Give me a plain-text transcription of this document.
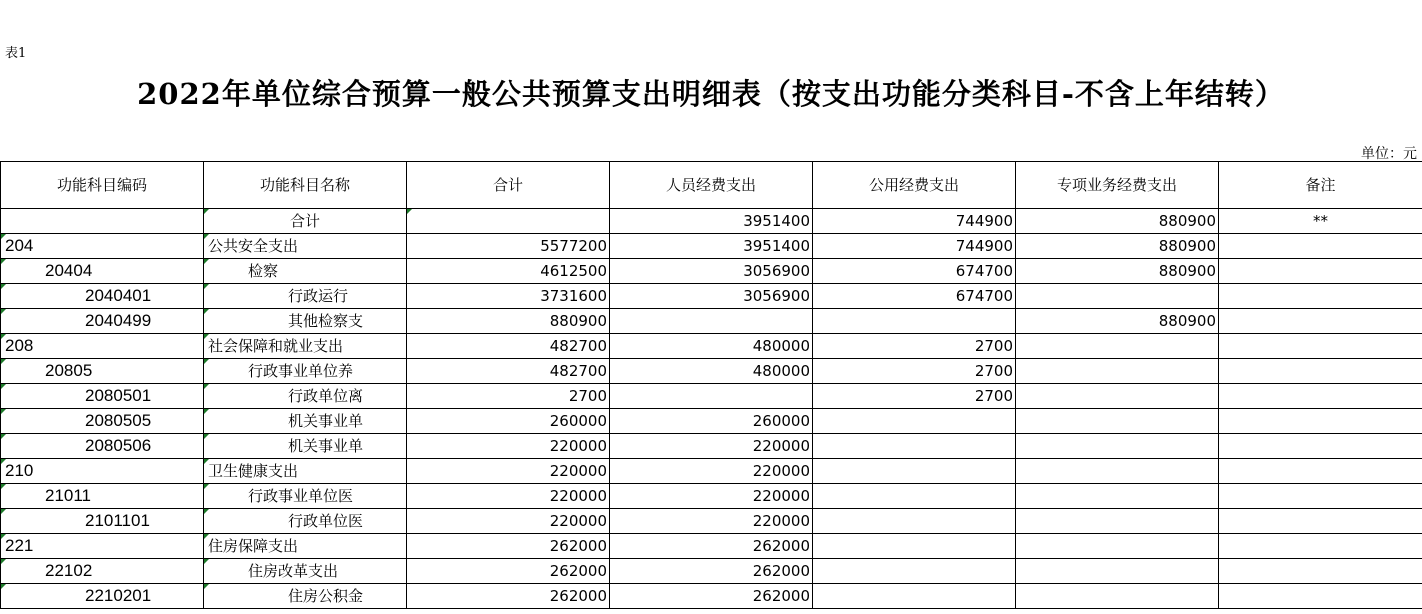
表1
2022年单位综合预算一般公共预算支出明细表（按支出功能分类科目-不含上年结转）
单位：元
功能科目编码	功能科目名称	合计	人员经费支出	公用经费支出	专项业务经费支出	备注
	合计		3951400	744900	880900	**
204	公共安全支出	5577200	3951400	744900	880900	
20404	检察	4612500	3056900	674700	880900	
2040401	行政运行	3731600	3056900	674700		
2040499	其他检察支	880900			880900	
208	社会保障和就业支出	482700	480000	2700		
20805	行政事业单位养	482700	480000	2700		
2080501	行政单位离	2700		2700		
2080505	机关事业单	260000	260000			
2080506	机关事业单	220000	220000			
210	卫生健康支出	220000	220000			
21011	行政事业单位医	220000	220000			
2101101	行政单位医	220000	220000			
221	住房保障支出	262000	262000			
22102	住房改革支出	262000	262000			
2210201	住房公积金	262000	262000			
